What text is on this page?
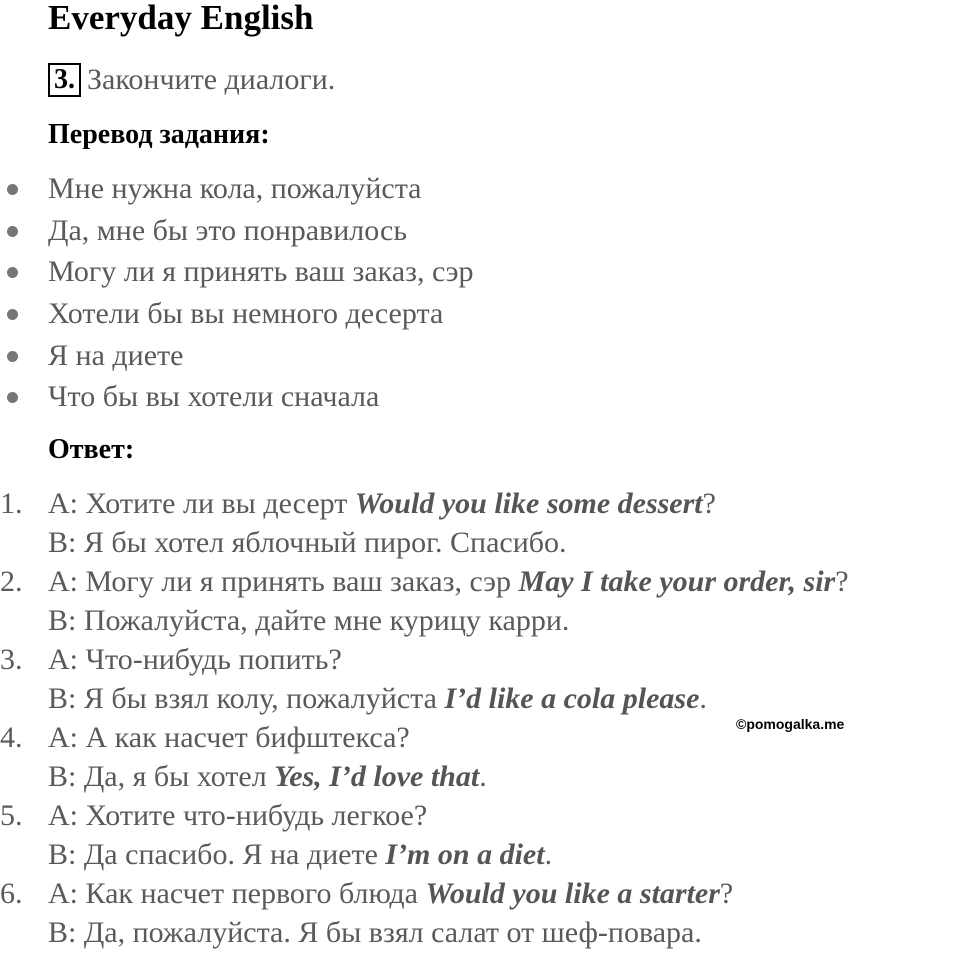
Everyday English
3. Закончите диалоги.
Перевод задания:
Мне нужна кола, пожалуйста
Да, мне бы это понравилось
Могу ли я принять ваш заказ, сэр
Хотели бы вы немного десерта
Я на диете
Что бы вы хотели сначала
Ответ:
1. A: Хотите ли вы десерт Would you like some dessert?
B: Я бы хотел яблочный пирог. Спасибо.
2. A: Могу ли я принять ваш заказ, сэр May I take your order, sir?
B: Пожалуйста, дайте мне курицу карри.
3. A: Что-нибудь попить?
B: Я бы взял колу, пожалуйста I’d like a cola please.
4. A: А как насчет бифштекса?
B: Да, я бы хотел Yes, I’d love that.
5. A: Хотите что-нибудь легкое?
B: Да спасибо. Я на диете I’m on a diet.
6. A: Как насчет первого блюда Would you like a starter?
B: Да, пожалуйста. Я бы взял салат от шеф-повара.
©pomogalka.me
